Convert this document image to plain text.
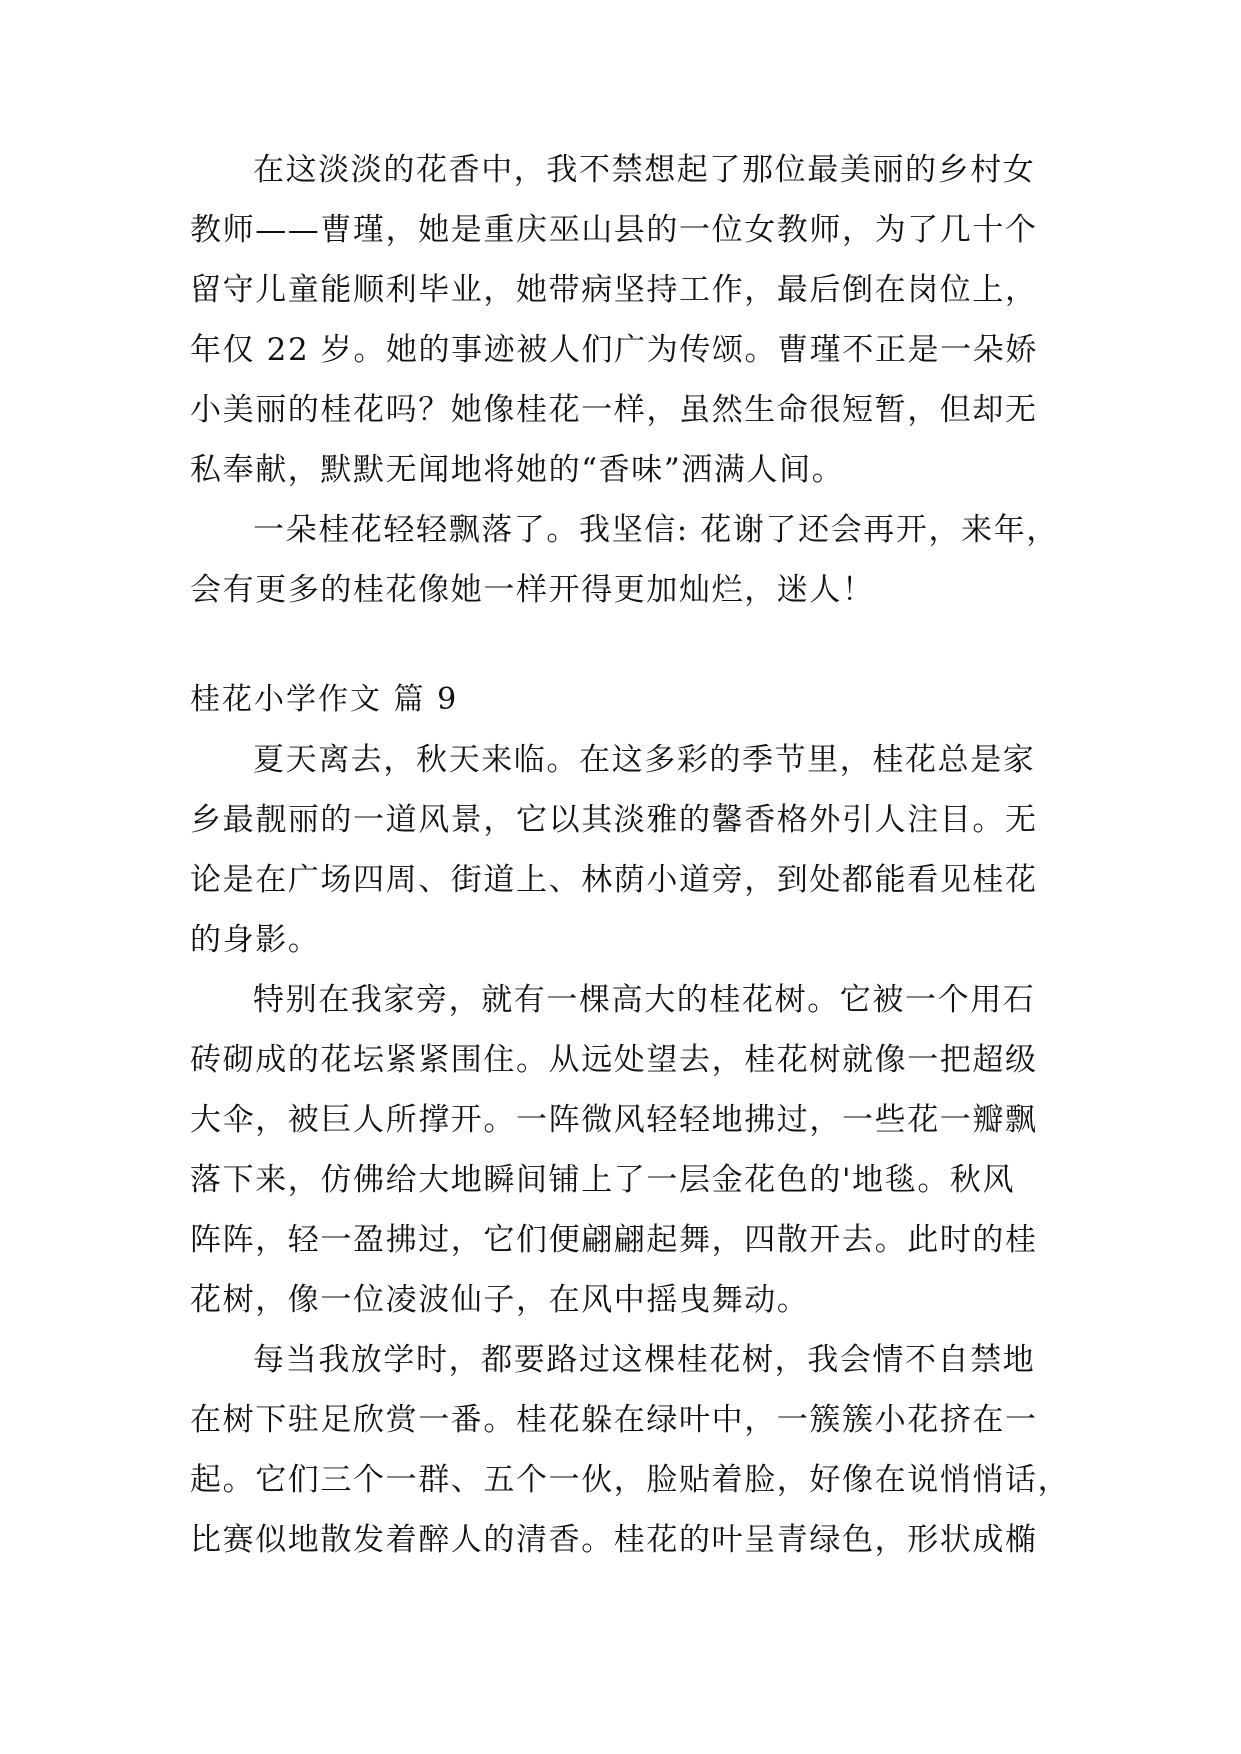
在这淡淡的花香中，我不禁想起了那位最美丽的乡村女
教师——曹瑾，她是重庆巫山县的一位女教师，为了几十个
留守儿童能顺利毕业，她带病坚持工作，最后倒在岗位上，
年仅 22 岁。她的事迹被人们广为传颂。曹瑾不正是一朵娇
小美丽的桂花吗？她像桂花一样，虽然生命很短暂，但却无
私奉献，默默无闻地将她的“香味”洒满人间。
一朵桂花轻轻飘落了。我坚信: 花谢了还会再开，来年，
会有更多的桂花像她一样开得更加灿烂，迷人！
桂花小学作文 篇 9
夏天离去，秋天来临。在这多彩的季节里，桂花总是家
乡最靓丽的一道风景，它以其淡雅的馨香格外引人注目。无
论是在广场四周、街道上、林荫小道旁，到处都能看见桂花
的身影。
特别在我家旁，就有一棵高大的桂花树。它被一个用石
砖砌成的花坛紧紧围住。从远处望去，桂花树就像一把超级
大伞，被巨人所撑开。一阵微风轻轻地拂过，一些花一瓣飘
落下来，仿佛给大地瞬间铺上了一层金花色的'地毯。秋风
阵阵，轻一盈拂过，它们便翩翩起舞，四散开去。此时的桂
花树，像一位凌波仙子，在风中摇曳舞动。
每当我放学时，都要路过这棵桂花树，我会情不自禁地
在树下驻足欣赏一番。桂花躲在绿叶中，一簇簇小花挤在一
起。它们三个一群、五个一伙，脸贴着脸，好像在说悄悄话，
比赛似地散发着醉人的清香。桂花的叶呈青绿色，形状成椭
